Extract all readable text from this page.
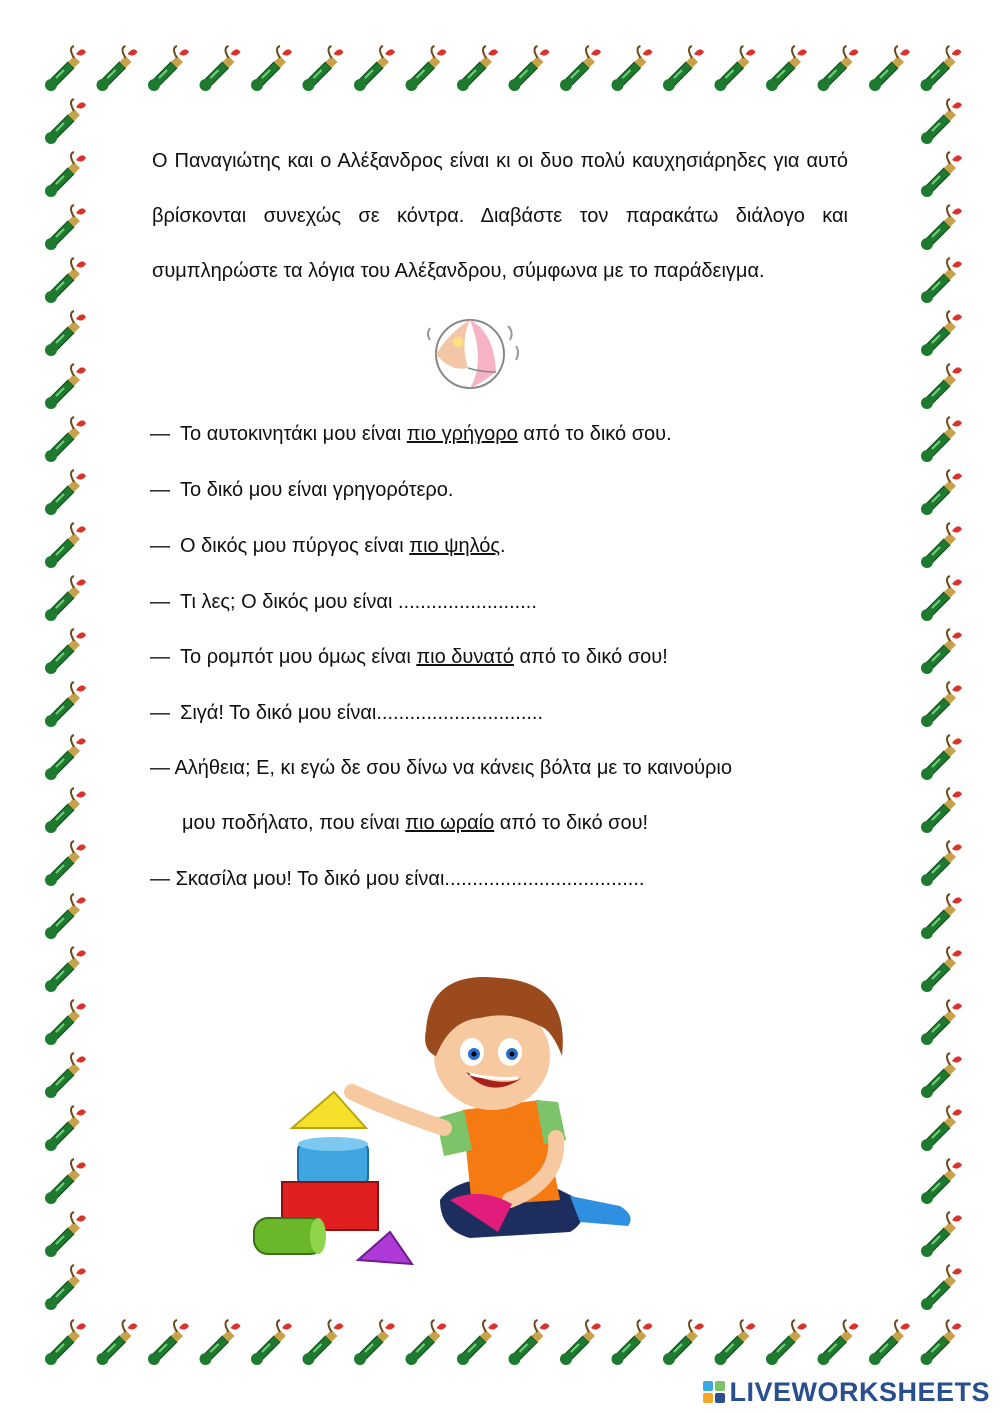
Ο Παναγιώτης και ο Αλέξανδρος είναι κι οι δυο πολύ καυχησιάρηδες για αυτό βρίσκονται συνεχώς σε κόντρα. Διαβάστε τον παρακάτω διάλογο και συμπληρώστε τα λόγια του Αλέξανδρου, σύμφωνα με το παράδειγμα.

— Το αυτοκινητάκι μου είναι πιο γρήγορο από το δικό σου.
— Το δικό μου είναι γρηγορότερο.
— Ο δικός μου πύργος είναι πιο ψηλός.
— Τι λες; Ο δικός μου είναι .........................
— Το ρομπότ μου όμως είναι πιο δυνατό από το δικό σου!
— Σιγά! Το δικό μου είναι..............................
— Αλήθεια; Ε, κι εγώ δε σου δίνω να κάνεις βόλτα με το καινούριο
μου ποδήλατο, που είναι πιο ωραίο από το δικό σου!
— Σκασίλα μου! Το δικό μου είναι....................................
LIVEWORKSHEETS
